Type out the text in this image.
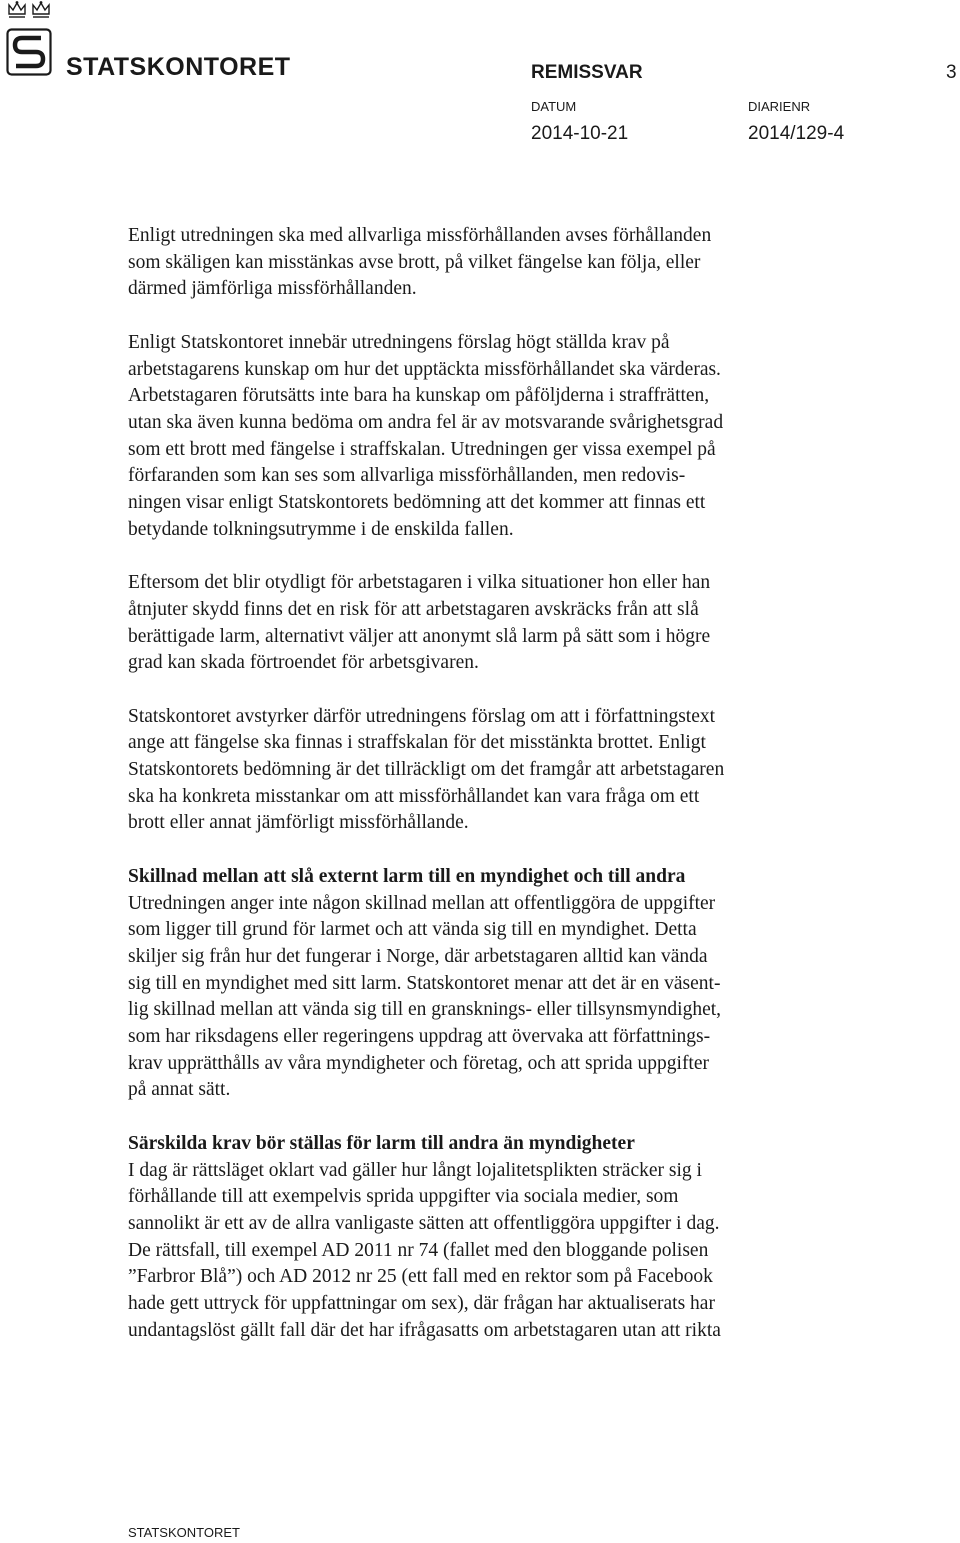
STATSKONTORET	REMISSVAR	3
DATUM	DIARIENR
2014-10-21	2014/129-4

Enligt utredningen ska med allvarliga missförhållanden avses förhållanden
som skäligen kan misstänkas avse brott, på vilket fängelse kan följa, eller
därmed jämförliga missförhållanden.

Enligt Statskontoret innebär utredningens förslag högt ställda krav på
arbetstagarens kunskap om hur det upptäckta missförhållandet ska värderas.
Arbetstagaren förutsätts inte bara ha kunskap om påföljderna i straffrätten,
utan ska även kunna bedöma om andra fel är av motsvarande svårighetsgrad
som ett brott med fängelse i straffskalan. Utredningen ger vissa exempel på
förfaranden som kan ses som allvarliga missförhållanden, men redovis-
ningen visar enligt Statskontorets bedömning att det kommer att finnas ett
betydande tolkningsutrymme i de enskilda fallen.

Eftersom det blir otydligt för arbetstagaren i vilka situationer hon eller han
åtnjuter skydd finns det en risk för att arbetstagaren avskräcks från att slå
berättigade larm, alternativt väljer att anonymt slå larm på sätt som i högre
grad kan skada förtroendet för arbetsgivaren.

Statskontoret avstyrker därför utredningens förslag om att i författningstext
ange att fängelse ska finnas i straffskalan för det misstänkta brottet. Enligt
Statskontorets bedömning är det tillräckligt om det framgår att arbetstagaren
ska ha konkreta misstankar om att missförhållandet kan vara fråga om ett
brott eller annat jämförligt missförhållande.

Skillnad mellan att slå externt larm till en myndighet och till andra

Utredningen anger inte någon skillnad mellan att offentliggöra de uppgifter
som ligger till grund för larmet och att vända sig till en myndighet. Detta
skiljer sig från hur det fungerar i Norge, där arbetstagaren alltid kan vända
sig till en myndighet med sitt larm. Statskontoret menar att det är en väsent-
lig skillnad mellan att vända sig till en gransknings- eller tillsynsmyndighet,
som har riksdagens eller regeringens uppdrag att övervaka att författnings-
krav upprätthålls av våra myndigheter och företag, och att sprida uppgifter
på annat sätt.

Särskilda krav bör ställas för larm till andra än myndigheter

I dag är rättsläget oklart vad gäller hur långt lojalitetsplikten sträcker sig i
förhållande till att exempelvis sprida uppgifter via sociala medier, som
sannolikt är ett av de allra vanligaste sätten att offentliggöra uppgifter i dag.
De rättsfall, till exempel AD 2011 nr 74 (fallet med den bloggande polisen
”Farbror Blå”) och AD 2012 nr 25 (ett fall med en rektor som på Facebook
hade gett uttryck för uppfattningar om sex), där frågan har aktualiserats har
undantagslöst gällt fall där det har ifrågasatts om arbetstagaren utan att rikta

STATSKONTORET
